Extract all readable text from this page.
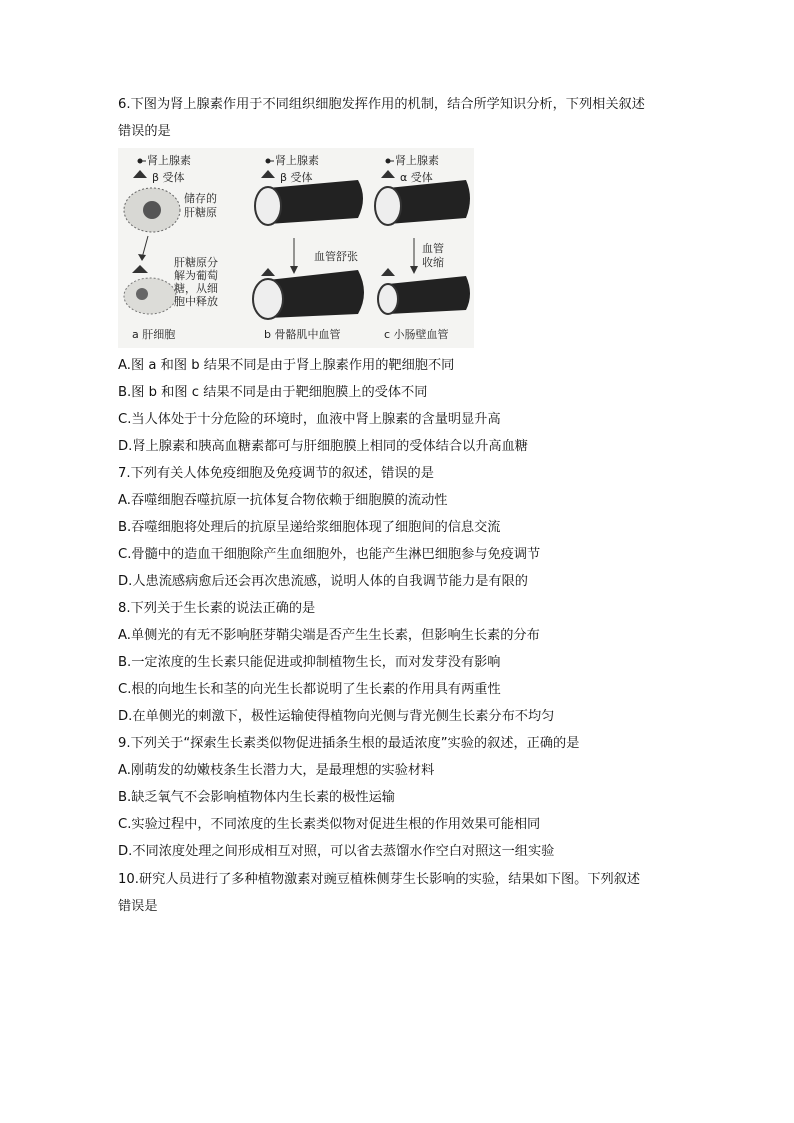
6.下图为肾上腺素作用于不同组织细胞发挥作用的机制，结合所学知识分析，下列相关叙述
错误的是
肾上腺素
β 受体
储存的
肝糖原
肝糖原分
解为葡萄
糖，从细
胞中释放
a 肝细胞
肾上腺素
β 受体
血管舒张
b 骨骼肌中血管
肾上腺素
α 受体
血管
收缩
c 小肠壁血管
A.图 a 和图 b 结果不同是由于肾上腺素作用的靶细胞不同
B.图 b 和图 c 结果不同是由于靶细胞膜上的受体不同
C.当人体处于十分危险的环境时，血液中肾上腺素的含量明显升高
D.肾上腺素和胰高血糖素都可与肝细胞膜上相同的受体结合以升高血糖
7.下列有关人体免疫细胞及免疫调节的叙述，错误的是
A.吞噬细胞吞噬抗原一抗体复合物依赖于细胞膜的流动性
B.吞噬细胞将处理后的抗原呈递给浆细胞体现了细胞间的信息交流
C.骨髓中的造血干细胞除产生血细胞外，也能产生淋巴细胞参与免疫调节
D.人患流感病愈后还会再次患流感，说明人体的自我调节能力是有限的
8.下列关于生长素的说法正确的是
A.单侧光的有无不影响胚芽鞘尖端是否产生生长素，但影响生长素的分布
B.一定浓度的生长素只能促进或抑制植物生长，而对发芽没有影响
C.根的向地生长和茎的向光生长都说明了生长素的作用具有两重性
D.在单侧光的刺激下，极性运输使得植物向光侧与背光侧生长素分布不均匀
9.下列关于“探索生长素类似物促进插条生根的最适浓度”实验的叙述，正确的是
A.刚萌发的幼嫩枝条生长潜力大，是最理想的实验材料
B.缺乏氧气不会影响植物体内生长素的极性运输
C.实验过程中，不同浓度的生长素类似物对促进生根的作用效果可能相同
D.不同浓度处理之间形成相互对照，可以省去蒸馏水作空白对照这一组实验
10.研究人员进行了多种植物激素对豌豆植株侧芽生长影响的实验，结果如下图。下列叙述
错误是
